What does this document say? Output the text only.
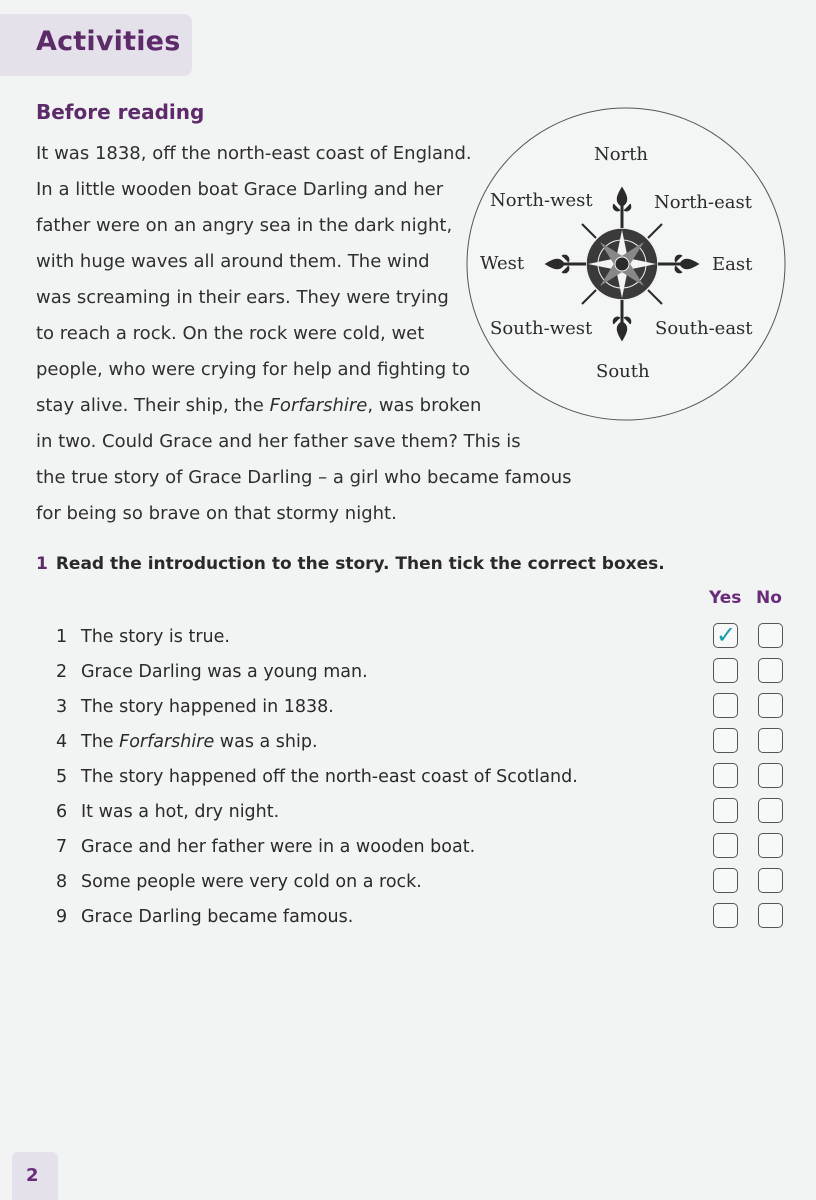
Activities
Before reading

It was 1838, off the north-east coast of England.
In a little wooden boat Grace Darling and her
father were on an angry sea in the dark night,
with huge waves all around them. The wind
was screaming in their ears. They were trying
to reach a rock. On the rock were cold, wet
people, who were crying for help and fighting to
stay alive. Their ship, the Forfarshire, was broken
in two. Could Grace and her father save them? This is
the true story of Grace Darling – a girl who became famous
for being so brave on that stormy night.

North
North-west	North-east
West	East
South-west	South-east
South

1 Read the introduction to the story. Then tick the correct boxes.

Yes No
1 The story is true.	✓
2 Grace Darling was a young man.
3 The story happened in 1838.
4 The Forfarshire was a ship.
5 The story happened off the north-east coast of Scotland.
6 It was a hot, dry night.
7 Grace and her father were in a wooden boat.
8 Some people were very cold on a rock.
9 Grace Darling became famous.
2
